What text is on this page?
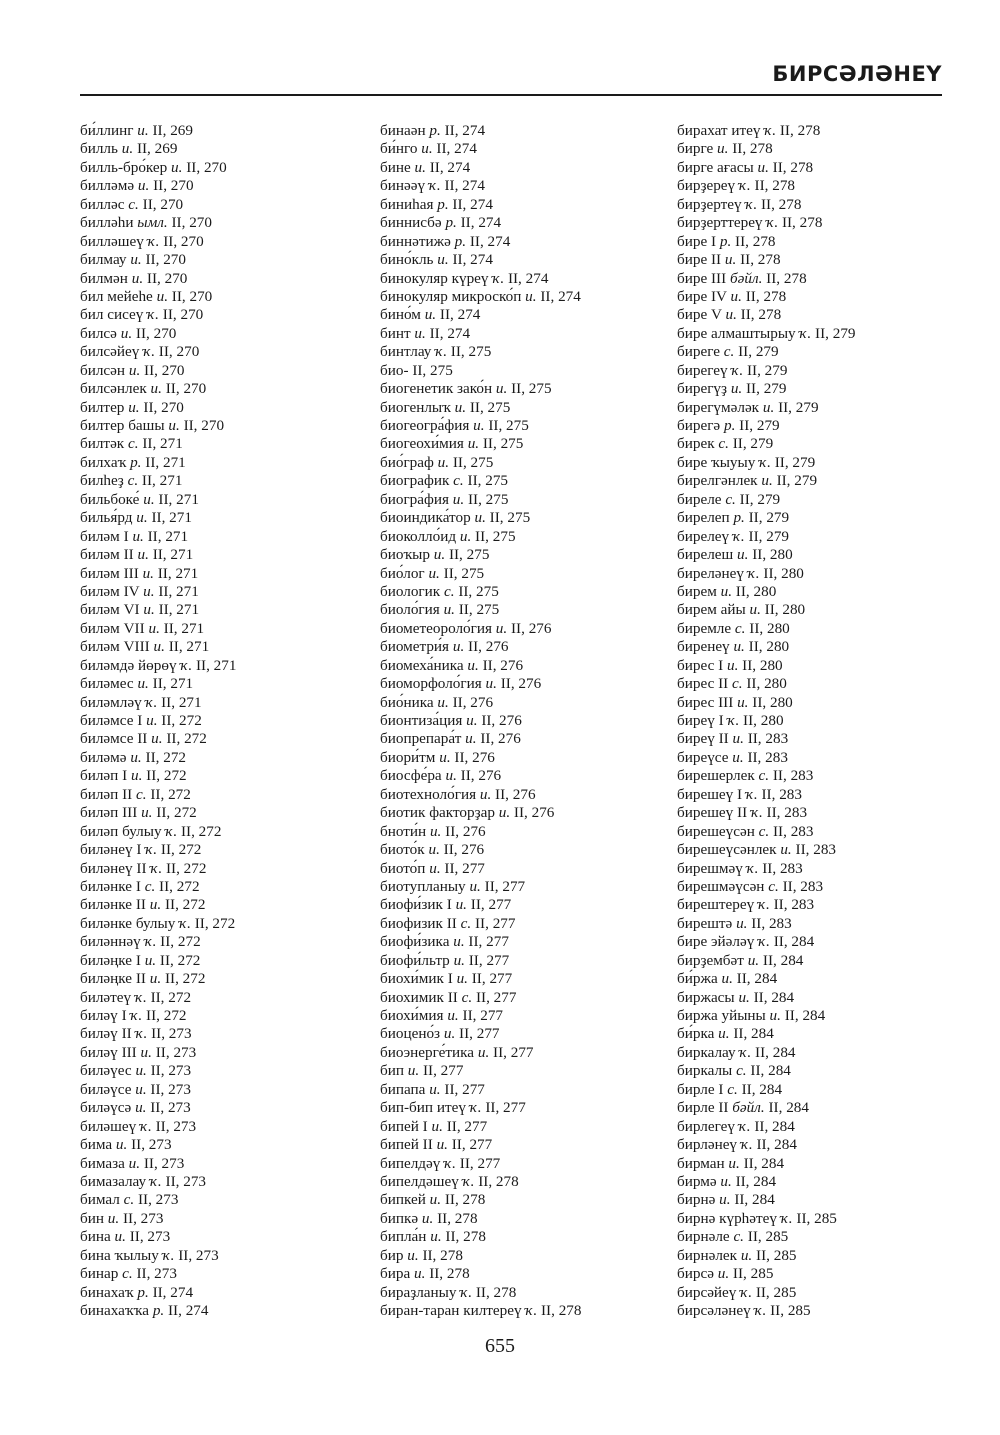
БИРСӘЛӘНЕҮ
би́ллинг и. II, 269
билль и. II, 269
билль-бро́кер и. II, 270
билләмә и. II, 270
билләс с. II, 270
билләһи ымл. II, 270
билләшеү ҡ. II, 270
билмау и. II, 270
билмән и. II, 270
бил мейеһе и. II, 270
бил сисеү ҡ. II, 270
билсә и. II, 270
билсәйеү ҡ. II, 270
билсән и. II, 270
билсәнлек и. II, 270
билтер и. II, 270
билтер башы и. II, 270
билтәк с. II, 271
билхаҡ р. II, 271
билһеҙ с. II, 271
бильбоке́ и. II, 271
билья́рд и. II, 271
биләм I и. II, 271
биләм II и. II, 271
биләм III и. II, 271
биләм IV и. II, 271
биләм VI и. II, 271
биләм VII и. II, 271
биләм VIII и. II, 271
биләмдә йөрөү ҡ. II, 271
биләмес и. II, 271
биләмләү ҡ. II, 271
биләмсе I и. II, 272
биләмсе II и. II, 272
биләмә и. II, 272
биләп I и. II, 272
биләп II с. II, 272
биләп III и. II, 272
биләп булыу ҡ. II, 272
биләнеү I ҡ. II, 272
биләнеү II ҡ. II, 272
биләнке I с. II, 272
биләнке II и. II, 272
биләнке булыу ҡ. II, 272
биләннәү ҡ. II, 272
биләңке I и. II, 272
биләңке II и. II, 272
биләтеү ҡ. II, 272
биләү I ҡ. II, 272
биләү II ҡ. II, 273
биләү III и. II, 273
биләүес и. II, 273
биләүсе и. II, 273
биләүсә и. II, 273
биләшеү ҡ. II, 273
бима и. II, 273
бимаза и. II, 273
бимазалау ҡ. II, 273
бимал с. II, 273
бин и. II, 273
бина и. II, 273
бина ҡылыу ҡ. II, 273
бинар с. II, 273
бинахаҡ р. II, 274
бинахаҡҡа р. II, 274
бинаән р. II, 274
би́нго и. II, 274
бине и. II, 274
бинәәү ҡ. II, 274
биниһая р. II, 274
биннисбә р. II, 274
биннәтижә р. II, 274
бино́кль и. II, 274
бинокуляр күреү ҡ. II, 274
бинокуляр микроско́п и. II, 274
бино́м и. II, 274
бинт и. II, 274
бинтлау ҡ. II, 275
био- II, 275
биогенетик зако́н и. II, 275
биогенлыҡ и. II, 275
биогеогра́фия и. II, 275
биогеохи́мия и. II, 275
био́граф и. II, 275
биографик с. II, 275
биогра́фия и. II, 275
биоиндика́тор и. II, 275
биоколло́ид и. II, 275
биоҡыр и. II, 275
био́лог и. II, 275
биологик с. II, 275
биоло́гия и. II, 275
биометеороло́гия и. II, 276
биометри́я и. II, 276
биомеха́ника и. II, 276
биоморфоло́гия и. II, 276
био́ника и. II, 276
бионтиза́ция и. II, 276
биопрепара́т и. II, 276
биори́тм и. II, 276
биосфе́ра и. II, 276
биотехноло́гия и. II, 276
биотик факторҙар и. II, 276
бноти́н и. II, 276
биото́к и. II, 276
биото́п и. II, 277
биотупланыу и. II, 277
биофи́зик I и. II, 277
биофизик II с. II, 277
биофи́зика и. II, 277
биофи́льтр и. II, 277
биохи́мик I и. II, 277
биохимик II с. II, 277
биохи́мия и. II, 277
биоцено́з и. II, 277
биоэнерге́тика и. II, 277
бип и. II, 277
бипапа и. II, 277
бип-бип итеү ҡ. II, 277
бипей I и. II, 277
бипей II и. II, 277
бипелдәү ҡ. II, 277
бипелдәшеү ҡ. II, 278
бипкей и. II, 278
бипкә и. II, 278
бипла́н и. II, 278
бир и. II, 278
бира и. II, 278
бираҙланыу ҡ. II, 278
биран-таран килтереү ҡ. II, 278
бирахат итеү ҡ. II, 278
бирге и. II, 278
бирге ағасы и. II, 278
бирҙереү ҡ. II, 278
бирҙертеү ҡ. II, 278
бирҙерттереү ҡ. II, 278
бире I р. II, 278
бире II и. II, 278
бире III бәйл. II, 278
бире IV и. II, 278
бире V и. II, 278
бире алмаштырыу ҡ. II, 279
биреге с. II, 279
бирегеү ҡ. II, 279
бирегүҙ и. II, 279
бирегүмәләк и. II, 279
бирегә р. II, 279
бирек с. II, 279
бире ҡыуыу ҡ. II, 279
бирелгәнлек и. II, 279
биреле с. II, 279
бирелеп р. II, 279
бирелеү ҡ. II, 279
бирелеш и. II, 280
биреләнеү ҡ. II, 280
бирем и. II, 280
бирем айы и. II, 280
биремле с. II, 280
биренеү и. II, 280
бирес I и. II, 280
бирес II с. II, 280
бирес III и. II, 280
биреү I ҡ. II, 280
биреү II и. II, 283
биреүсе и. II, 283
бирешерлек с. II, 283
бирешеү I ҡ. II, 283
бирешеү II ҡ. II, 283
бирешеүсән с. II, 283
бирешеүсәнлек и. II, 283
бирешмәү ҡ. II, 283
бирешмәүсән с. II, 283
бирештереү ҡ. II, 283
бирештә и. II, 283
бире эйәләү ҡ. II, 284
бирҙембәт и. II, 284
би́ржа и. II, 284
биржасы и. II, 284
биржа уйыны и. II, 284
би́рка и. II, 284
биркалау ҡ. II, 284
биркалы с. II, 284
бирле I с. II, 284
бирле II бәйл. II, 284
бирлегеү ҡ. II, 284
бирләнеү ҡ. II, 284
бирман и. II, 284
бирмә и. II, 284
бирнә и. II, 284
бирнә күрһәтеү ҡ. II, 285
бирнәле с. II, 285
бирнәлек и. II, 285
бирсә и. II, 285
бирсәйеү ҡ. II, 285
бирсәләнеү ҡ. II, 285
655
